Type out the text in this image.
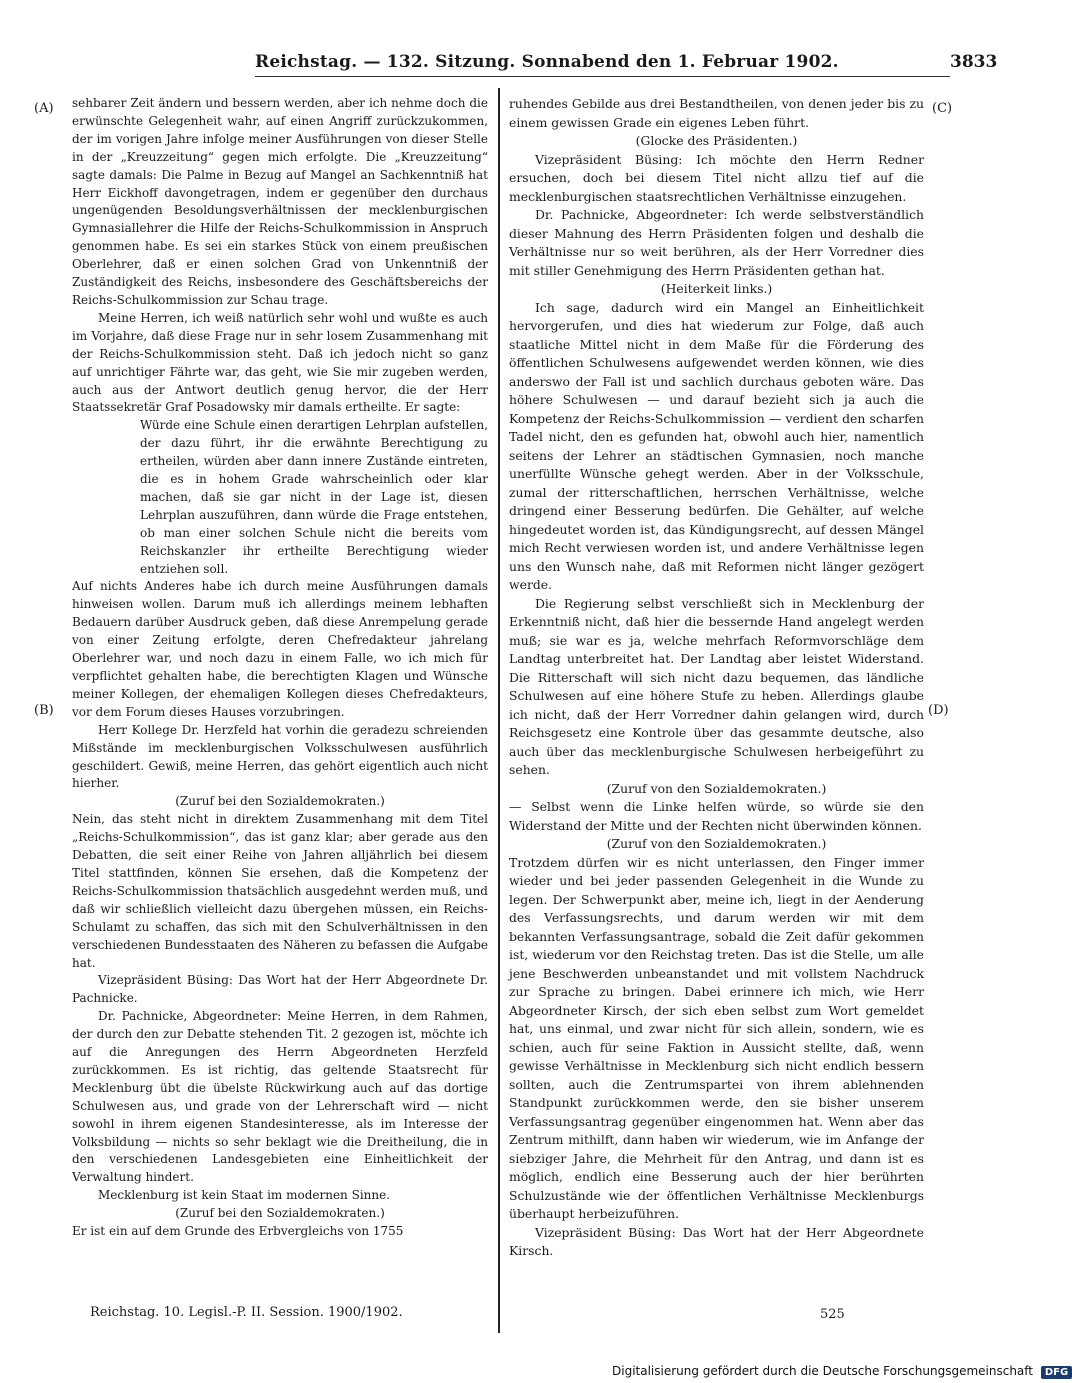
Reichstag. — 132. Sitzung. Sonnabend den 1. Februar 1902.	3833
(A)
(B)
(C)
(D)

sehbarer Zeit ändern und bessern werden, aber ich nehme doch die erwünschte Gelegenheit wahr, auf einen Angriff zurückzukommen, der im vorigen Jahre infolge meiner Ausführungen von dieser Stelle in der „Kreuzzeitung“ gegen mich erfolgte. Die „Kreuzzeitung“ sagte damals: Die Palme in Bezug auf Mangel an Sachkenntniß hat Herr Eickhoff davongetragen, indem er gegenüber den durchaus ungenügenden Besoldungsverhältnissen der mecklenburgischen Gymnasiallehrer die Hilfe der Reichs-Schulkommission in Anspruch genommen habe. Es sei ein starkes Stück von einem preußischen Oberlehrer, daß er einen solchen Grad von Unkenntniß der Zuständigkeit des Reichs, insbesondere des Geschäftsbereichs der Reichs-Schulkommission zur Schau trage.

Meine Herren, ich weiß natürlich sehr wohl und wußte es auch im Vorjahre, daß diese Frage nur in sehr losem Zusammenhang mit der Reichs-Schulkommission steht. Daß ich jedoch nicht so ganz auf unrichtiger Fährte war, das geht, wie Sie mir zugeben werden, auch aus der Antwort deutlich genug hervor, die der Herr Staatssekretär Graf Posadowsky mir damals ertheilte. Er sagte:

Würde eine Schule einen derartigen Lehrplan aufstellen, der dazu führt, ihr die erwähnte Berechtigung zu ertheilen, würden aber dann innere Zustände eintreten, die es in hohem Grade wahrscheinlich oder klar machen, daß sie gar nicht in der Lage ist, diesen Lehrplan auszuführen, dann würde die Frage entstehen, ob man einer solchen Schule nicht die bereits vom Reichskanzler ihr ertheilte Berechtigung wieder entziehen soll.

Auf nichts Anderes habe ich durch meine Ausführungen damals hinweisen wollen. Darum muß ich allerdings meinem lebhaften Bedauern darüber Ausdruck geben, daß diese Anrempelung gerade von einer Zeitung erfolgte, deren Chefredakteur jahrelang Oberlehrer war, und noch dazu in einem Falle, wo ich mich für verpflichtet gehalten habe, die berechtigten Klagen und Wünsche meiner Kollegen, der ehemaligen Kollegen dieses Chefredakteurs, vor dem Forum dieses Hauses vorzubringen.

Herr Kollege Dr. Herzfeld hat vorhin die geradezu schreienden Mißstände im mecklenburgischen Volksschulwesen ausführlich geschildert. Gewiß, meine Herren, das gehört eigentlich auch nicht hierher.

(Zuruf bei den Sozialdemokraten.)

Nein, das steht nicht in direktem Zusammenhang mit dem Titel „Reichs-Schulkommission“, das ist ganz klar; aber gerade aus den Debatten, die seit einer Reihe von Jahren alljährlich bei diesem Titel stattfinden, können Sie ersehen, daß die Kompetenz der Reichs-Schulkommission thatsächlich ausgedehnt werden muß, und daß wir schließlich vielleicht dazu übergehen müssen, ein Reichs-Schulamt zu schaffen, das sich mit den Schulverhältnissen in den verschiedenen Bundesstaaten des Näheren zu befassen die Aufgabe hat.

Vizepräsident Büsing: Das Wort hat der Herr Abgeordnete Dr. Pachnicke.

Dr. Pachnicke, Abgeordneter: Meine Herren, in dem Rahmen, der durch den zur Debatte stehenden Tit. 2 gezogen ist, möchte ich auf die Anregungen des Herrn Abgeordneten Herzfeld zurückkommen. Es ist richtig, das geltende Staatsrecht für Mecklenburg übt die übelste Rückwirkung auch auf das dortige Schulwesen aus, und grade von der Lehrerschaft wird — nicht sowohl in ihrem eigenen Standesinteresse, als im Interesse der Volksbildung — nichts so sehr beklagt wie die Dreitheilung, die in den verschiedenen Landesgebieten eine Einheitlichkeit der Verwaltung hindert.

Mecklenburg ist kein Staat im modernen Sinne.

(Zuruf bei den Sozialdemokraten.)

Er ist ein auf dem Grunde des Erbvergleichs von 1755

ruhendes Gebilde aus drei Bestandtheilen, von denen jeder bis zu einem gewissen Grade ein eigenes Leben führt.

(Glocke des Präsidenten.)

Vizepräsident Büsing: Ich möchte den Herrn Redner ersuchen, doch bei diesem Titel nicht allzu tief auf die mecklenburgischen staatsrechtlichen Verhältnisse einzugehen.

Dr. Pachnicke, Abgeordneter: Ich werde selbstverständlich dieser Mahnung des Herrn Präsidenten folgen und deshalb die Verhältnisse nur so weit berühren, als der Herr Vorredner dies mit stiller Genehmigung des Herrn Präsidenten gethan hat.

(Heiterkeit links.)

Ich sage, dadurch wird ein Mangel an Einheitlichkeit hervorgerufen, und dies hat wiederum zur Folge, daß auch staatliche Mittel nicht in dem Maße für die Förderung des öffentlichen Schulwesens aufgewendet werden können, wie dies anderswo der Fall ist und sachlich durchaus geboten wäre. Das höhere Schulwesen — und darauf bezieht sich ja auch die Kompetenz der Reichs-Schulkommission — verdient den scharfen Tadel nicht, den es gefunden hat, obwohl auch hier, namentlich seitens der Lehrer an städtischen Gymnasien, noch manche unerfüllte Wünsche gehegt werden. Aber in der Volksschule, zumal der ritterschaftlichen, herrschen Verhältnisse, welche dringend einer Besserung bedürfen. Die Gehälter, auf welche hingedeutet worden ist, das Kündigungsrecht, auf dessen Mängel mich Recht verwiesen worden ist, und andere Verhältnisse legen uns den Wunsch nahe, daß mit Reformen nicht länger gezögert werde.

Die Regierung selbst verschließt sich in Mecklenburg der Erkenntniß nicht, daß hier die bessernde Hand angelegt werden muß; sie war es ja, welche mehrfach Reformvorschläge dem Landtag unterbreitet hat. Der Landtag aber leistet Widerstand. Die Ritterschaft will sich nicht dazu bequemen, das ländliche Schulwesen auf eine höhere Stufe zu heben. Allerdings glaube ich nicht, daß der Herr Vorredner dahin gelangen wird, durch Reichsgesetz eine Kontrole über das gesammte deutsche, also auch über das mecklenburgische Schulwesen herbeigeführt zu sehen.

(Zuruf von den Sozialdemokraten.)

— Selbst wenn die Linke helfen würde, so würde sie den Widerstand der Mitte und der Rechten nicht überwinden können.

(Zuruf von den Sozialdemokraten.)

Trotzdem dürfen wir es nicht unterlassen, den Finger immer wieder und bei jeder passenden Gelegenheit in die Wunde zu legen. Der Schwerpunkt aber, meine ich, liegt in der Aenderung des Verfassungsrechts, und darum werden wir mit dem bekannten Verfassungsantrage, sobald die Zeit dafür gekommen ist, wiederum vor den Reichstag treten. Das ist die Stelle, um alle jene Beschwerden unbeanstandet und mit vollstem Nachdruck zur Sprache zu bringen. Dabei erinnere ich mich, wie Herr Abgeordneter Kirsch, der sich eben selbst zum Wort gemeldet hat, uns einmal, und zwar nicht für sich allein, sondern, wie es schien, auch für seine Faktion in Aussicht stellte, daß, wenn gewisse Verhältnisse in Mecklenburg sich nicht endlich bessern sollten, auch die Zentrumspartei von ihrem ablehnenden Standpunkt zurückkommen werde, den sie bisher unserem Verfassungsantrag gegenüber eingenommen hat. Wenn aber das Zentrum mithilft, dann haben wir wiederum, wie im Anfange der siebziger Jahre, die Mehrheit für den Antrag, und dann ist es möglich, endlich eine Besserung auch der hier berührten Schulzustände wie der öffentlichen Verhältnisse Mecklenburgs überhaupt herbeizuführen.

Vizepräsident Büsing: Das Wort hat der Herr Abgeordnete Kirsch.

Reichstag. 10. Legisl.-P. II. Session. 1900/1902.	525
Digitalisierung gefördert durch die Deutsche Forschungsgemeinschaft DFG
